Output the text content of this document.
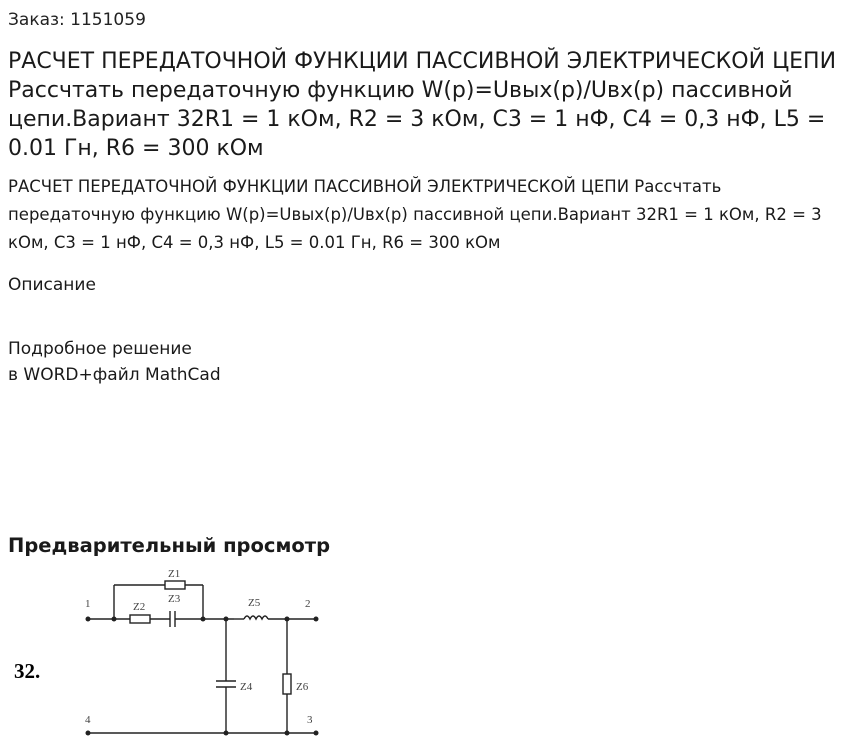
Заказ: 1151059
РАСЧЕТ ПЕРЕДАТОЧНОЙ ФУНКЦИИ ПАССИВНОЙ ЭЛЕКТРИЧЕСКОЙ ЦЕПИ Рассчтать передаточную функцию W(p)=Uвых(p)/Uвх(p) пассивной цепи.Вариант 32R1 = 1 кОм, R2 = 3 кОм, С3 = 1 нФ, С4 = 0,3 нФ, L5 = 0.01 Гн, R6 = 300 кОм

РАСЧЕТ ПЕРЕДАТОЧНОЙ ФУНКЦИИ ПАССИВНОЙ ЭЛЕКТРИЧЕСКОЙ ЦЕПИ Рассчтать передаточную функцию W(p)=Uвых(p)/Uвх(p) пассивной цепи.Вариант 32R1 = 1 кОм, R2 = 3 кОм, С3 = 1 нФ, С4 = 0,3 нФ, L5 = 0.01 Гн, R6 = 300 кОм

Описание
Подробное решение
в WORD+файл MathCad
Предварительный просмотр
32.
1	2
3
4
Z1
Z2
Z3	Z5
Z4	Z6
